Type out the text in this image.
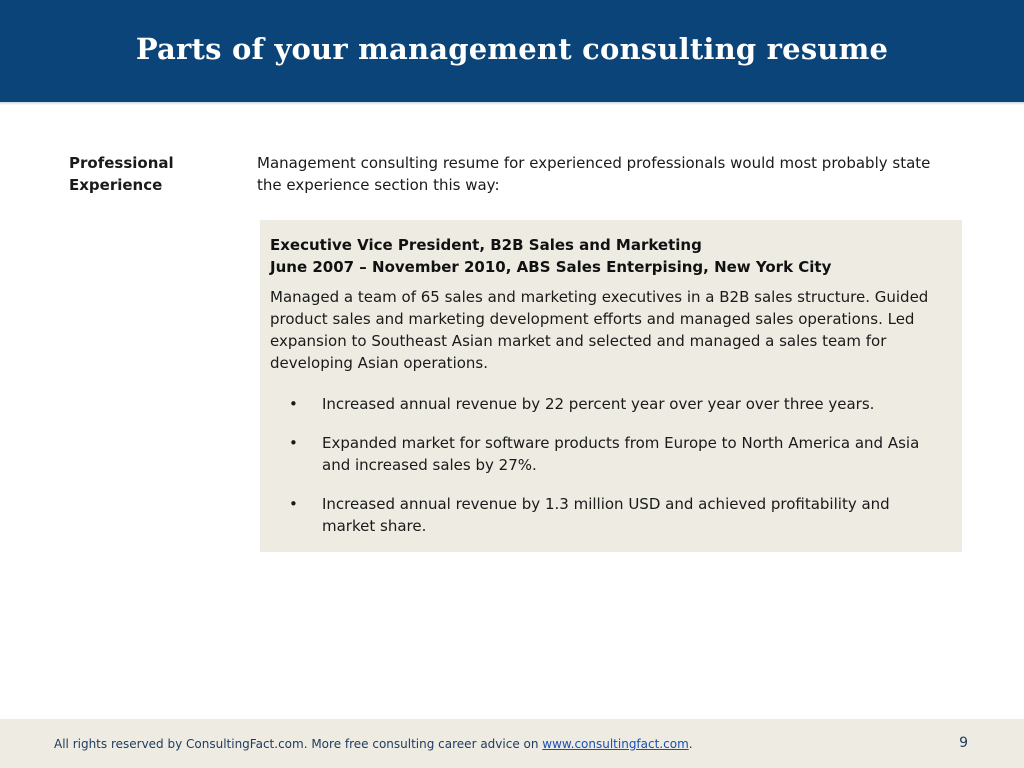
Parts of your management consulting resume
Professional
Experience
Management consulting resume for experienced professionals would most probably state the experience section this way:
Executive Vice President, B2B Sales and Marketing
June 2007 – November 2010, ABS Sales Enterpising, New York City
Managed a team of 65 sales and marketing executives in a B2B sales structure. Guided product sales and marketing development efforts and managed sales operations. Led expansion to Southeast Asian market and selected and managed a sales team for developing Asian operations.
•	Increased annual revenue by 22 percent year over year over three years.
•	Expanded market for software products from Europe to North America and Asia and increased sales by 27%.
•	Increased annual revenue by 1.3 million USD and achieved profitability and market share.
All rights reserved by ConsultingFact.com. More free consulting career advice on www.consultingfact.com.	9
